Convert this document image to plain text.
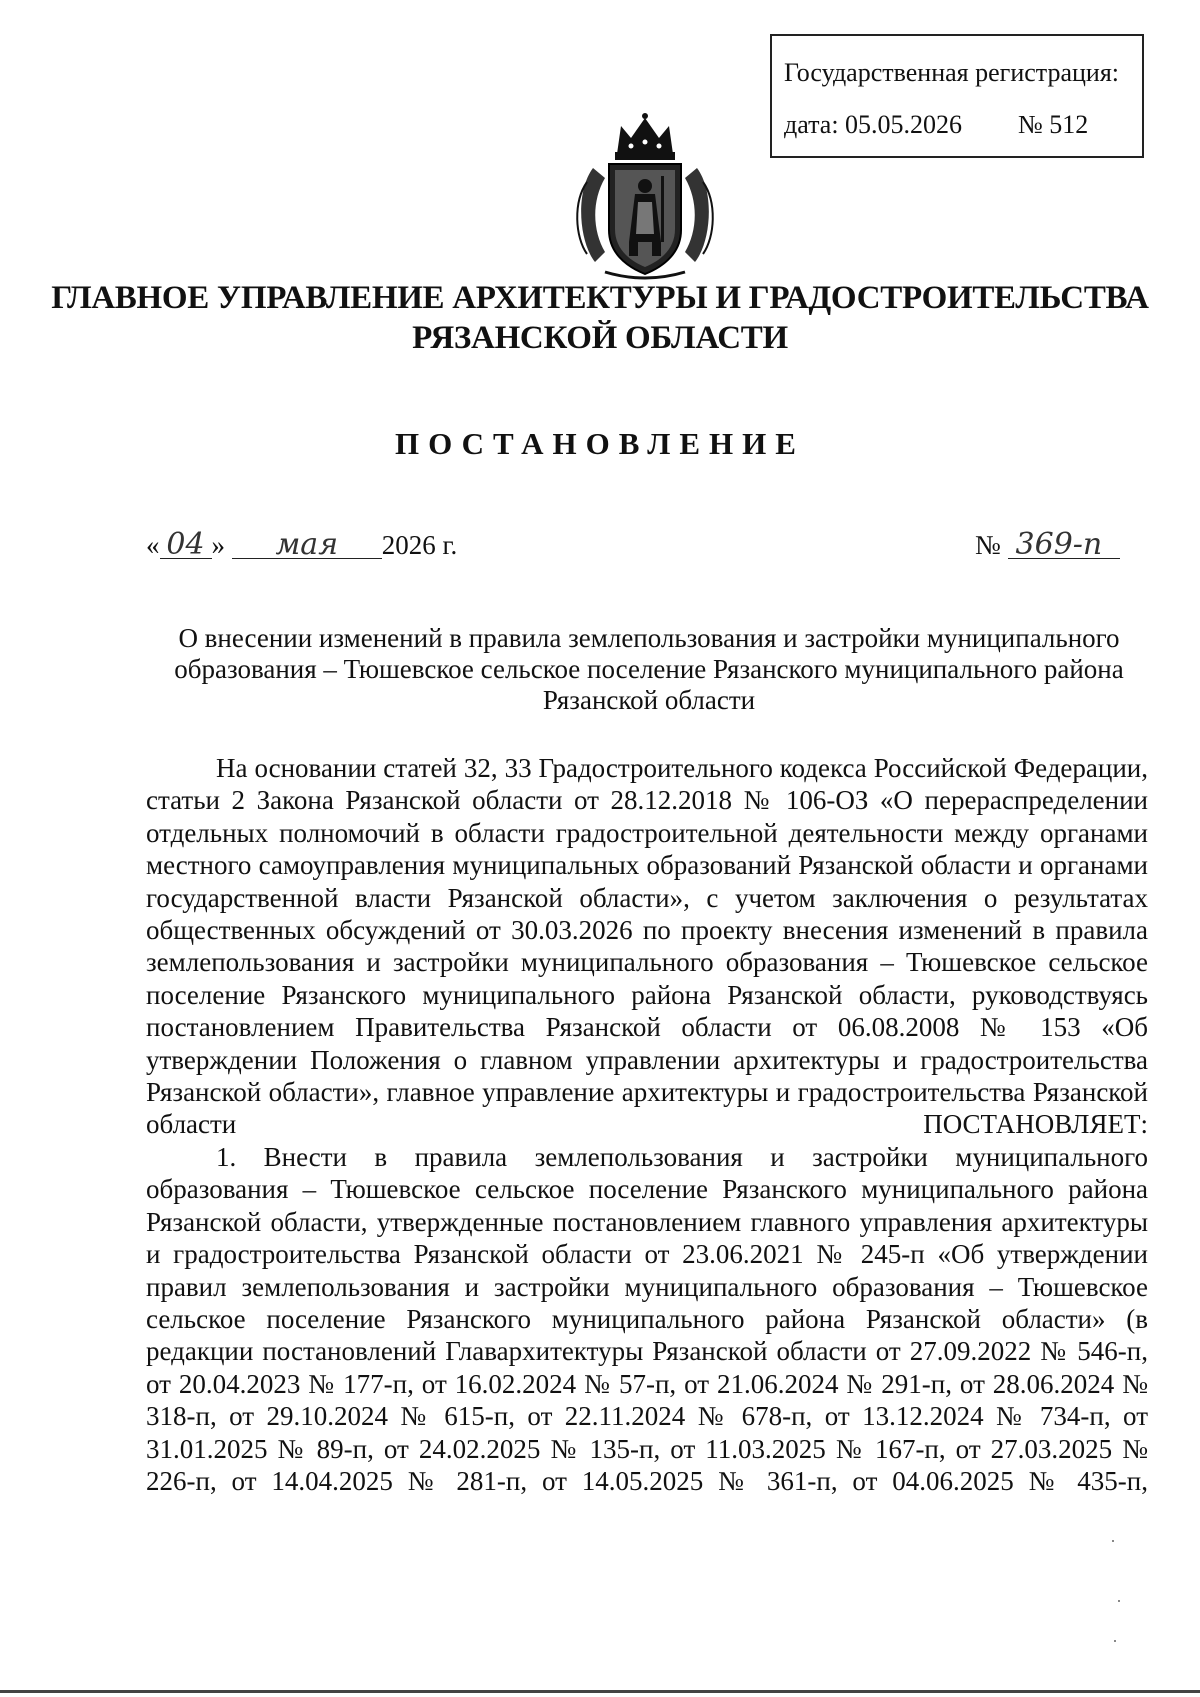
Государственная регистрация:
дата: 05.05.2026 № 512
ГЛАВНОЕ УПРАВЛЕНИЕ АРХИТЕКТУРЫ И ГРАДОСТРОИТЕЛЬСТВА
РЯЗАНСКОЙ ОБЛАСТИ
ПОСТАНОВЛЕНИЕ
« 04 » мая 2026 г.	№ 369-п
О внесении изменений в правила землепользования и застройки муниципального образования – Тюшевское сельское поселение Рязанского муниципального района Рязанской области

На основании статей 32, 33 Градостроительного кодекса Российской Федерации, статьи 2 Закона Рязанской области от 28.12.2018 № 106-ОЗ «О перераспределении отдельных полномочий в области градостроительной деятельности между органами местного самоуправления муниципальных образований Рязанской области и органами государственной власти Рязанской области», с учетом заключения о результатах общественных обсуждений от 30.03.2026 по проекту внесения изменений в правила землепользования и застройки муниципального образования – Тюшевское сельское поселение Рязанского муниципального района Рязанской области, руководствуясь постановлением Правительства Рязанской области от 06.08.2008 № 153 «Об утверждении Положения о главном управлении архитектуры и градостроительства Рязанской области», главное управление архитектуры и градостроительства Рязанской области ПОСТАНОВЛЯЕТ:

1. Внести в правила землепользования и застройки муниципального образования – Тюшевское сельское поселение Рязанского муниципального района Рязанской области, утвержденные постановлением главного управления архитектуры и градостроительства Рязанской области от 23.06.2021 № 245-п «Об утверждении правил землепользования и застройки муниципального образования – Тюшевское сельское поселение Рязанского муниципального района Рязанской области» (в редакции постановлений Главархитектуры Рязанской области от 27.09.2022 № 546-п, от 20.04.2023 № 177-п, от 16.02.2024 № 57-п, от 21.06.2024 № 291-п, от 28.06.2024 № 318-п, от 29.10.2024 № 615-п, от 22.11.2024 № 678-п, от 13.12.2024 № 734-п, от 31.01.2025 № 89-п, от 24.02.2025 № 135-п, от 11.03.2025 № 167-п, от 27.03.2025 № 226-п, от 14.04.2025 № 281-п, от 14.05.2025 № 361-п, от 04.06.2025 № 435-п,
